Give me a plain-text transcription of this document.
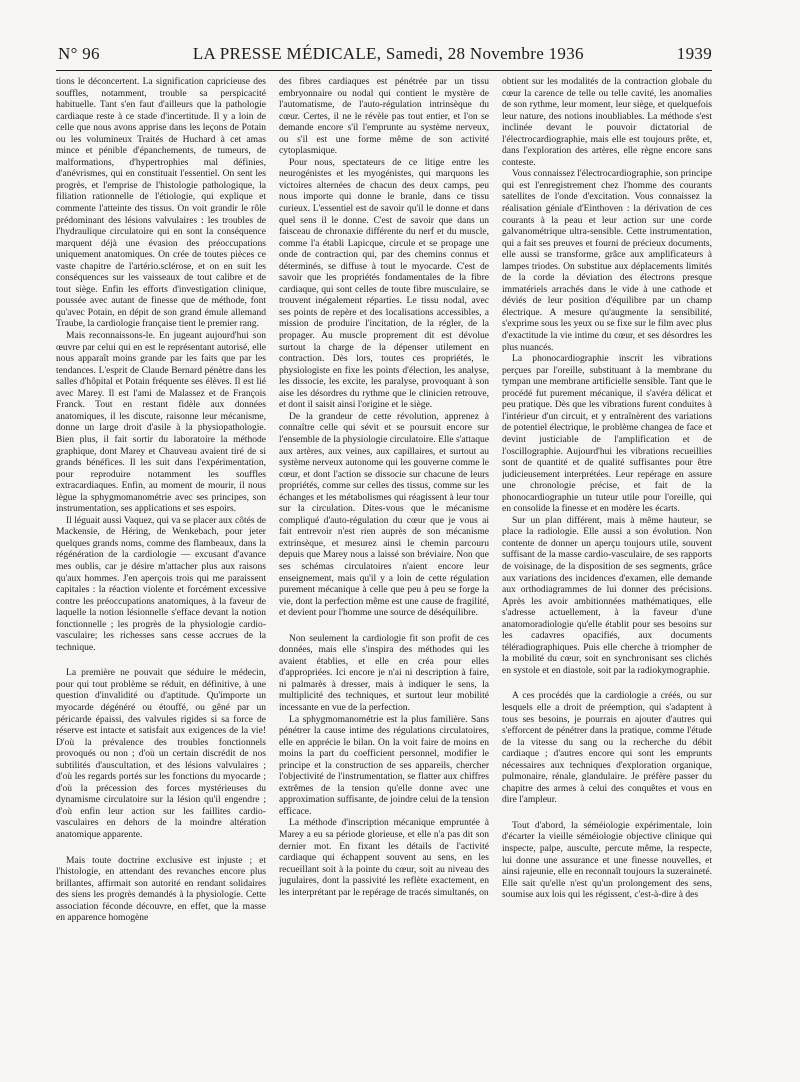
N° 96	LA PRESSE MÉDICALE, Samedi, 28 Novembre 1936	1939

tions le déconcertent. La signification capricieuse des souffles, notamment, trouble sa perspicacité habituelle. Tant s'en faut d'ailleurs que la pathologie cardiaque reste à ce stade d'incertitude. Il y a loin de celle que nous avons apprise dans les leçons de Potain ou les volumineux Traités de Huchard à cet amas mince et pénible d'épanchements, de tumeurs, de malformations, d'hypertrophies mal définies, d'anévrismes, qui en constituait l'essentiel. On sent les progrès, et l'emprise de l'histologie pathologique, la filiation rationnelle de l'étiologie, qui explique et commente l'atteinte des tissus. On voit grandir le rôle prédominant des lésions valvulaires : les troubles de l'hydraulique circulatoire qui en sont la conséquence marquent déjà une évasion des préoccupations uniquement anatomiques. On crée de toutes pièces ce vaste chapitre de l'artério.sclérose, et on en suit les conséquences sur les vaisseaux de tout calibre et de tout siège. Enfin les efforts d'investigation clinique, poussée avec autant de finesse que de méthode, font qu'avec Potain, en dépit de son grand émule allemand Traube, la cardiologie française tient le premier rang.

Mais reconnaissons-le. En jugeant aujourd'hui son œuvre par celui qui en est le représentant autorisé, elle nous apparaît moins grande par les faits que par les tendances. L'esprit de Claude Bernard pénètre dans les salles d'hôpital et Potain fréquente ses élèves. Il est lié avec Marey. Il est l'ami de Malassez et de François Franck. Tout en restant fidèle aux données anatomiques, il les discute, raisonne leur mécanisme, donne un large droit d'asile à la physiopathologie. Bien plus, il fait sortir du laboratoire la méthode graphique, dont Marey et Chauveau avaient tiré de si grands bénéfices. Il les suit dans l'expérimentation, pour reproduire notamment les souffles extracardiaques. Enfin, au moment de mourir, il nous lègue la sphygmomanométrie avec ses principes, son instrumentation, ses applications et ses espoirs.

Il léguait aussi Vaquez, qui va se placer aux côtés de Mackensie, de Héring, de Wenkebach, pour jeter quelques grands noms, comme des flambeaux, dans la régénération de la cardiologie — excusant d'avance mes oublis, car je désire m'attacher plus aux raisons qu'aux hommes. J'en aperçois trois qui me paraissent capitales : la réaction violente et forcément excessive contre les préoccupations anatomiques, à la faveur de laquelle la notion lésionnelle s'efface devant la notion fonctionnelle ; les progrès de la physiologie cardio-vasculaire; les richesses sans cesse accrues de la technique.

La première ne pouvait que séduire le médecin, pour qui tout problème se réduit, en définitive, à une question d'invalidité ou d'aptitude. Qu'importe un myocarde dégénéré ou étouffé, ou gêné par un péricarde épaissi, des valvules rigides si sa force de réserve est intacte et satisfait aux exigences de la vie! D'où la prévalence des troubles fonctionnels provoqués ou non ; d'où un certain discrédit de nos subtilités d'auscultation, et des lésions valvulaires ; d'où les regards portés sur les fonctions du myocarde ; d'où la précession des forces mystérieuses du dynamisme circulatoire sur la lésion qu'il engendre ; d'où enfin leur action sur les faillites cardio-vasculaires en dehors de la moindre altération anatomique apparente.

Mais toute doctrine exclusive est injuste ; et l'histologie, en attendant des revanches encore plus brillantes, affirmait son autorité en rendant solidaires des siens les progrès demandés à la physiologie. Cette association féconde découvre, en effet, que la masse en apparence homogène

des fibres cardiaques est pénétrée par un tissu embryonnaire ou nodal qui contient le mystère de l'automatisme, de l'auto-régulation intrinsèque du cœur. Certes, il ne le révèle pas tout entier, et l'on se demande encore s'il l'emprunte au système nerveux, ou s'il est une forme même de son activité cytoplasmique.

Pour nous, spectateurs de ce litige entre les neurogénistes et les myogénistes, qui marquons les victoires alternées de chacun des deux camps, peu nous importe qui donne le branle, dans ce tissu curieux. L'essentiel est de savoir qu'il le donne et dans quel sens il le donne. C'est de savoir que dans un faisceau de chronaxie différente du nerf et du muscle, comme l'a établi Lapicque, circule et se propage une onde de contraction qui, par des chemins connus et déterminés, se diffuse à tout le myocarde. C'est de savoir que les propriétés fondamentales de la fibre cardiaque, qui sont celles de toute fibre musculaire, se trouvent inégalement réparties. Le tissu nodal, avec ses points de repère et des localisations accessibles, a mission de produire l'incitation, de la régler, de la propager. Au muscle proprement dit est dévolue surtout la charge de la dépenser utilement en contraction. Dès lors, toutes ces propriétés, le physiologiste en fixe les points d'élection, les analyse, les dissocie, les excite, les paralyse, provoquant à son aise les désordres du rythme que le clinicien retrouve, et dont il saisit ainsi l'origine et le siège.

De la grandeur de cette révolution, apprenez à connaître celle qui sévit et se poursuit encore sur l'ensemble de la physiologie circulatoire. Elle s'attaque aux artères, aux veines, aux capillaires, et surtout au système nerveux autonome qui les gouverne comme le cœur, et dont l'action se dissocie sur chacune de leurs propriétés, comme sur celles des tissus, comme sur les échanges et les métabolismes qui réagissent à leur tour sur la circulation. Dites-vous que le mécanisme compliqué d'auto-régulation du cœur que je vous ai fait entrevoir n'est rien auprès de son mécanisme extrinsèque, et mesurez ainsi le chemin parcouru depuis que Marey nous a laissé son bréviaire. Non que ses schémas circulatoires n'aient encore leur enseignement, mais qu'il y a loin de cette régulation purement mécanique à celle que peu à peu se forge la vie, dont la perfection même est une cause de fragilité, et devient pour l'homme une source de déséquilibre.

Non seulement la cardiologie fit son profit de ces données, mais elle s'inspira des méthodes qui les avaient établies, et elle en créa pour elles d'appropriées. Ici encore je n'ai ni description à faire, ni palmarès à dresser, mais à indiquer le sens, la multiplicité des techniques, et surtout leur mobilité incessante en vue de la perfection.

La sphygmomanométrie est la plus familière. Sans pénétrer la cause intime des régulations circulatoires, elle en apprécie le bilan. On la voit faire de moins en moins la part du coefficient personnel, modifier le principe et la construction de ses appareils, chercher l'objectivité de l'instrumentation, se flatter aux chiffres extrêmes de la tension qu'elle donne avec une approximation suffisante, de joindre celui de la tension efficace.

La méthode d'inscription mécanique empruntée à Marey a eu sa période glorieuse, et elle n'a pas dit son dernier mot. En fixant les détails de l'activité cardiaque qui échappent souvent au sens, en les recueillant soit à la pointe du cœur, soit au niveau des jugulaires, dont la passivité les reflète exactement, en les interprétant par le repérage de tracés simultanés, on

obtient sur les modalités de la contraction globale du cœur la carence de telle ou telle cavité, les anomalies de son rythme, leur moment, leur siège, et quelquefois leur nature, des notions inoubliables. La méthode s'est inclinée devant le pouvoir dictatorial de l'électrocardiographie, mais elle est toujours prête, et, dans l'exploration des artères, elle règne encore sans conteste.

Vous connaissez l'électrocardiographie, son principe qui est l'enregistrement chez l'homme des courants satellites de l'onde d'excitation. Vous connaissez la réalisation géniale d'Einthoven : la dérivation de ces courants à la peau et leur action sur une corde galvanométrique ultra-sensible. Cette instrumentation, qui a fait ses preuves et fourni de précieux documents, elle aussi se transforme, grâce aux amplificateurs à lampes triodes. On substitue aux déplacements limités de la corde la déviation des électrons presque immatériels arrachés dans le vide à une cathode et déviés de leur position d'équilibre par un champ électrique. A mesure qu'augmente la sensibilité, s'exprime sous les yeux ou se fixe sur le film avec plus d'exactitude la vie intime du cœur, et ses désordres les plus nuancés.

La phonocardiographie inscrit les vibrations perçues par l'oreille, substituant à la membrane du tympan une membrane artificielle sensible. Tant que le procédé fut purement mécanique, il s'avéra délicat et peu pratique. Dès que les vibrations furent conduites à l'intérieur d'un circuit, et y entraînèrent des variations de potentiel électrique, le problème changea de face et devint justiciable de l'amplification et de l'oscillographie. Aujourd'hui les vibrations recueillies sont de quantité et de qualité suffisantes pour être judicieusement interprétées. Leur repérage en assure une chronologie précise, et fait de la phonocardiographie un tuteur utile pour l'oreille, qui en consolide la finesse et en modère les écarts.

Sur un plan différent, mais à même hauteur, se place la radiologie. Elle aussi a son évolution. Non contente de donner un aperçu toujours utile, souvent suffisant de la masse cardio-vasculaire, de ses rapports de voisinage, de la disposition de ses segments, grâce aux variations des incidences d'examen, elle demande aux orthodiagrammes de lui donner des précisions. Après les avoir ambitionnées mathématiques, elle s'adresse actuellement, à la faveur d'une anatomoradiologie qu'elle établit pour ses besoins sur les cadavres opacifiés, aux documents téléradiographiques. Puis elle cherche à triompher de la mobilité du cœur, soit en synchronisant ses clichés en systole et en diastole, soit par la radiokymographie.

A ces procédés que la cardiologie a créés, ou sur lesquels elle a droit de préemption, qui s'adaptent à tous ses besoins, je pourrais en ajouter d'autres qui s'efforcent de pénétrer dans la pratique, comme l'étude de la vitesse du sang ou la recherche du débit cardiaque ; d'autres encore qui sont les emprunts nécessaires aux techniques d'exploration organique, pulmonaire, rénale, glandulaire. Je préfère passer du chapitre des armes à celui des conquêtes et vous en dire l'ampleur.

Tout d'abord, la séméiologie expérimentale, loin d'écarter la vieille séméiologie objective clinique qui inspecte, palpe, ausculte, percute même, la respecte, lui donne une assurance et une finesse nouvelles, et ainsi rajeunie, elle en reconnaît toujours la suzeraineté. Elle sait qu'elle n'est qu'un prolongement des sens, soumise aux lois qui les régissent, c'est-à-dire à des
